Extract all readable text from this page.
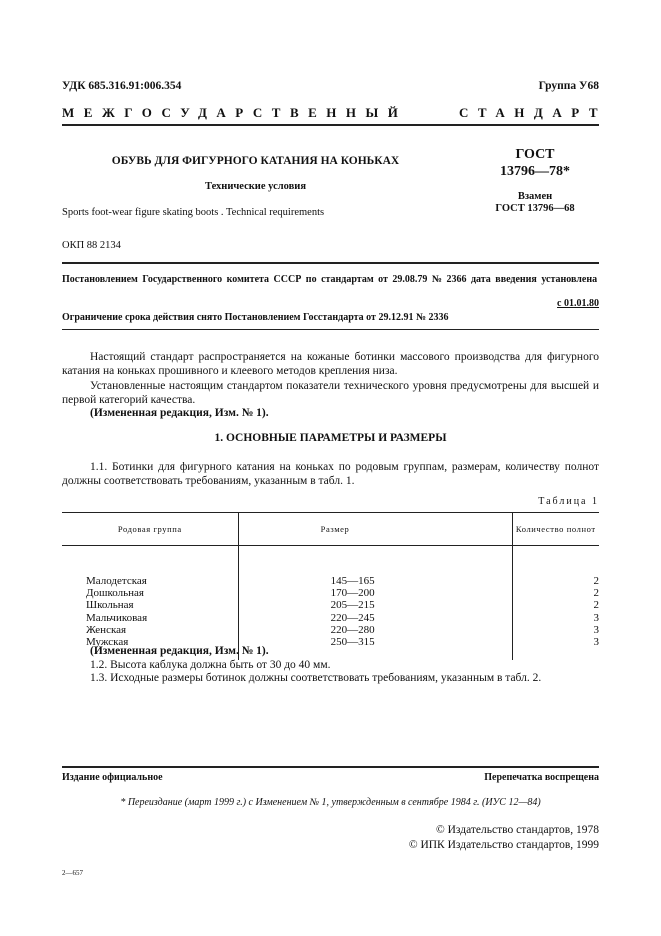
УДК 685.316.91:006.354	Группа У68
МЕЖГОСУДАРСТВЕННЫЙ	СТАНДАРТ
ОБУВЬ ДЛЯ ФИГУРНОГО КАТАНИЯ НА КОНЬКАХ
Технические условия
Sports foot-wear figure skating boots . Technical requirements
ГОСТ
13796—78*
Взамен
ГОСТ 13796—68
ОКП 88 2134
Постановлением Государственного комитета СССР по стандартам от 29.08.79 № 2366 дата введения установлена
с 01.01.80
Ограничение срока действия снято Постановлением Госстандарта от 29.12.91 № 2336

Настоящий стандарт распространяется на кожаные ботинки массового производства для фигурного катания на коньках прошивного и клеевого методов крепления низа.

Установленные настоящим стандартом показатели технического уровня предусмотрены для высшей и первой категорий качества.

(Измененная редакция, Изм. № 1).

1. ОСНОВНЫЕ ПАРАМЕТРЫ И РАЗМЕРЫ

1.1. Ботинки для фигурного катания на коньках по родовым группам, размерам, количеству полнот должны соответствовать требованиям, указанным в табл. 1.

Таблица 1
Родовая группа	Размер	Количество полнот
Малодетская	145—165	2
Дошкольная	170—200	2
Школьная	205—215	2
Мальчиковая	220—245	3
Женская	220—280	3
Мужская	250—315	3

(Измененная редакция, Изм. № 1).

1.2. Высота каблука должна быть от 30 до 40 мм.

1.3. Исходные размеры ботинок должны соответствовать требованиям, указанным в табл. 2.

Издание официальное	Перепечатка воспрещена
* Переиздание (март 1999 г.) с Изменением № 1, утвержденным в сентябре 1984 г. (ИУС 12—84)
© Издательство стандартов, 1978
© ИПК Издательство стандартов, 1999
2—657
